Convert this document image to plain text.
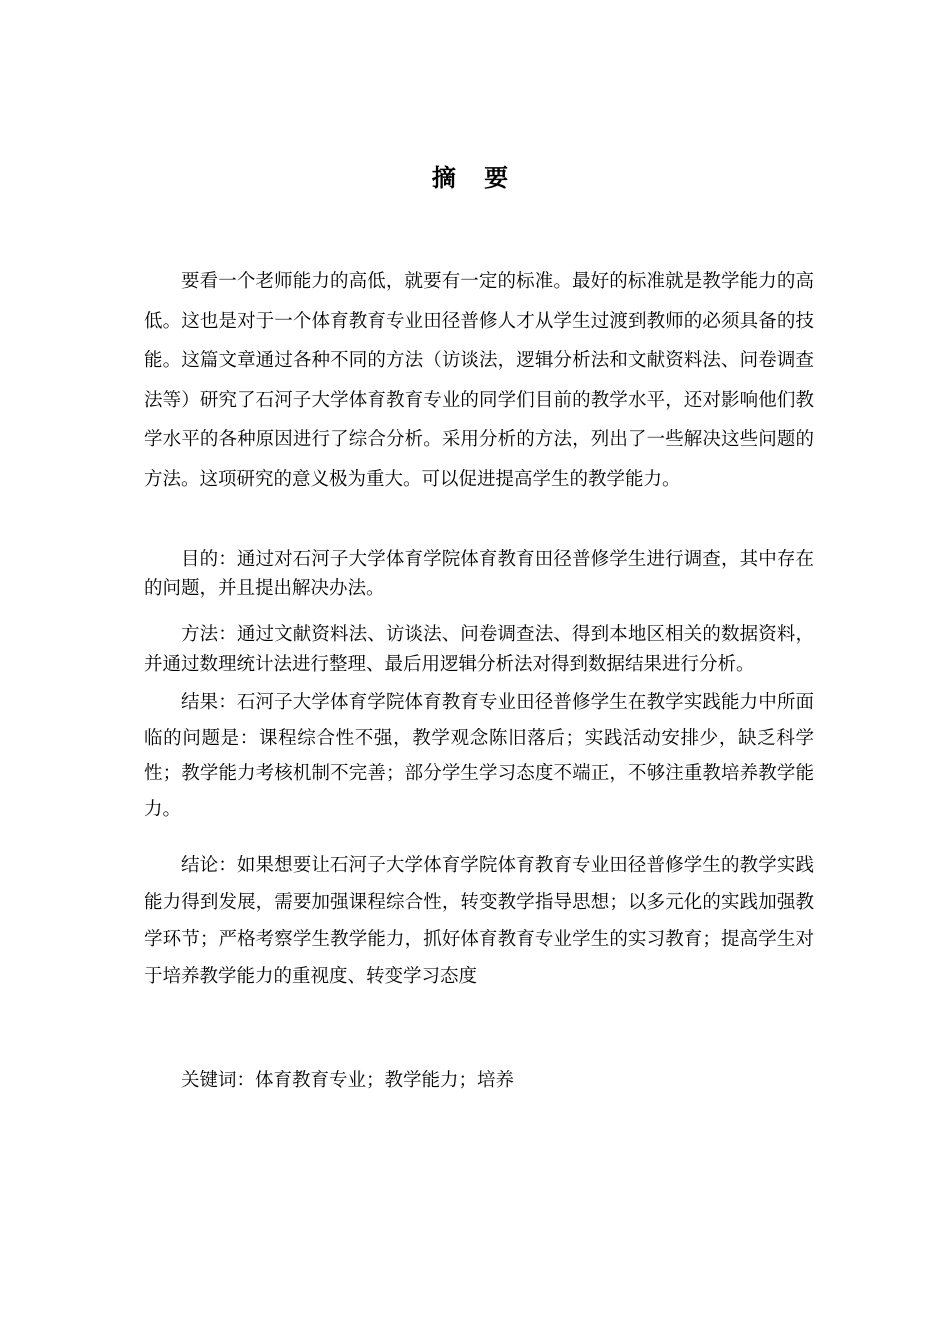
摘 要

要看一个老师能力的高低，就要有一定的标准。最好的标准就是教学能力的高低。这也是对于一个体育教育专业田径普修人才从学生过渡到教师的必须具备的技能。这篇文章通过各种不同的方法（访谈法，逻辑分析法和文献资料法、问卷调查法等）研究了石河子大学体育教育专业的同学们目前的教学水平，还对影响他们教学水平的各种原因进行了综合分析。采用分析的方法，列出了一些解决这些问题的方法。这项研究的意义极为重大。可以促进提高学生的教学能力。

目的：通过对石河子大学体育学院体育教育田径普修学生进行调查，其中存在的问题，并且提出解决办法。

方法：通过文献资料法、访谈法、问卷调查法、得到本地区相关的数据资料，并通过数理统计法进行整理、最后用逻辑分析法对得到数据结果进行分析。

结果：石河子大学体育学院体育教育专业田径普修学生在教学实践能力中所面临的问题是：课程综合性不强，教学观念陈旧落后；实践活动安排少，缺乏科学性；教学能力考核机制不完善；部分学生学习态度不端正，不够注重教培养教学能力。

结论：如果想要让石河子大学体育学院体育教育专业田径普修学生的教学实践能力得到发展，需要加强课程综合性，转变教学指导思想；以多元化的实践加强教学环节；严格考察学生教学能力，抓好体育教育专业学生的实习教育；提高学生对于培养教学能力的重视度、转变学习态度

关键词：体育教育专业；教学能力；培养
